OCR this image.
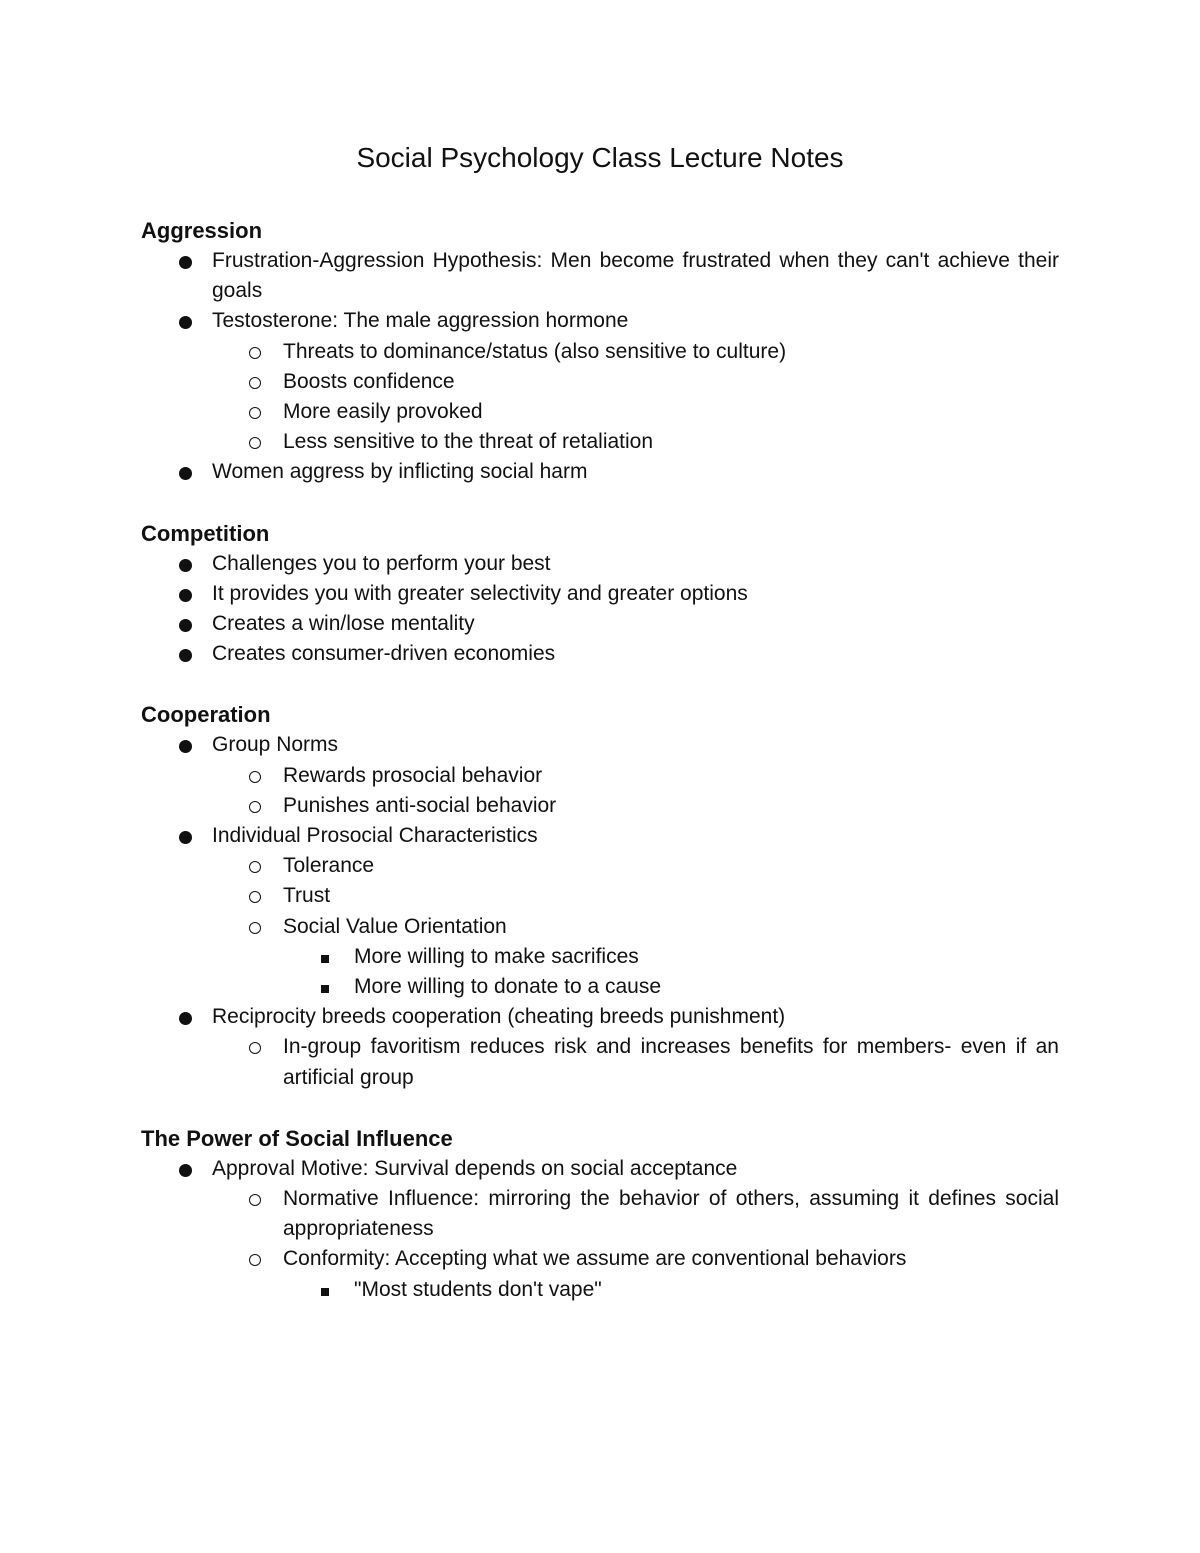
Social Psychology Class Lecture Notes
Aggression
Frustration-Aggression Hypothesis: Men become frustrated when they can't achieve their goals
Testosterone: The male aggression hormone
Threats to dominance/status (also sensitive to culture)
Boosts confidence
More easily provoked
Less sensitive to the threat of retaliation
Women aggress by inflicting social harm
Competition
Challenges you to perform your best
It provides you with greater selectivity and greater options
Creates a win/lose mentality
Creates consumer-driven economies
Cooperation
Group Norms
Rewards prosocial behavior
Punishes anti-social behavior
Individual Prosocial Characteristics
Tolerance
Trust
Social Value Orientation
More willing to make sacrifices
More willing to donate to a cause
Reciprocity breeds cooperation (cheating breeds punishment)
In-group favoritism reduces risk and increases benefits for members- even if an artificial group
The Power of Social Influence
Approval Motive: Survival depends on social acceptance
Normative Influence: mirroring the behavior of others, assuming it defines social appropriateness
Conformity: Accepting what we assume are conventional behaviors
"Most students don't vape"
